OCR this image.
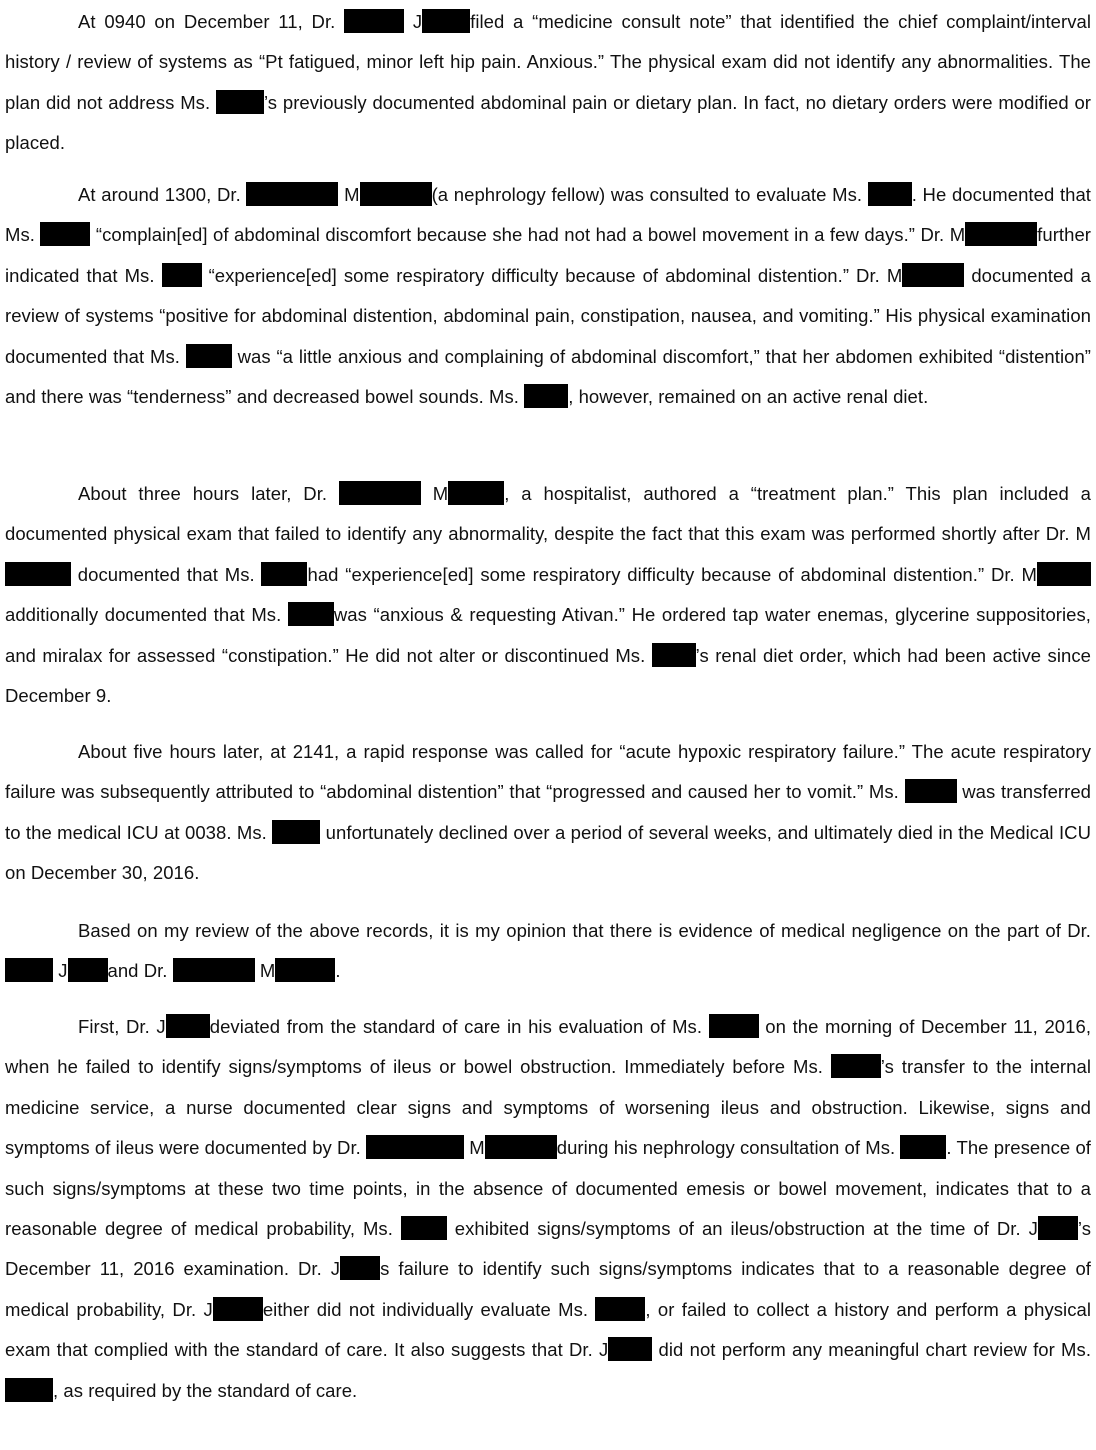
At 0940 on December 11, Dr.	J	filed a “medicine consult note” that identified the chief complaint/interval history / review of systems as “Pt fatigued, minor left hip pain. Anxious.” The physical exam did not identify any abnormalities. The plan did not address Ms.	’s previously documented abdominal pain or dietary plan. In fact, no dietary orders were modified or placed.

At around 1300, Dr.	M	(a nephrology fellow) was consulted to evaluate Ms. . He documented that Ms.	“complain[ed] of abdominal discomfort because she had not had a bowel movement in a few days.” Dr. M	further indicated that Ms.  “experience[ed] some respiratory difficulty because of abdominal distention.” Dr. M	documented a review of systems “positive for abdominal distention, abdominal pain, constipation, nausea, and vomiting.” His physical examination documented that Ms.  was “a little anxious and complaining of abdominal discomfort,” that her abdomen exhibited “distention” and there was “tenderness” and decreased bowel sounds. Ms. , however, remained on an active renal diet.

About three hours later, Dr.	M	, a hospitalist, authored a “treatment plan.” This plan included a documented physical exam that failed to identify any abnormality, despite the fact that this exam was performed shortly after Dr. M documented that Ms. had “experience[ed] some respiratory difficulty because of abdominal distention.” Dr. M additionally documented that Ms. was “anxious & requesting Ativan.” He ordered tap water enemas, glycerine suppositories, and miralax for assessed “constipation.” He did not alter or discontinued Ms. ’s renal diet order, which had been active since December 9.

About five hours later, at 2141, a rapid response was called for “acute hypoxic respiratory failure.” The acute respiratory failure was subsequently attributed to “abdominal distention” that “progressed and caused her to vomit.” Ms.	was transferred to the medical ICU at 0038. Ms.	unfortunately declined over a period of several weeks, and ultimately died in the Medical ICU on December 30, 2016.

Based on my review of the above records, it is my opinion that there is evidence of medical negligence on the part of Dr.  J and Dr.	M	.

First, Dr. J deviated from the standard of care in his evaluation of Ms.	on the morning of December 11, 2016, when he failed to identify signs/symptoms of ileus or bowel obstruction. Immediately before Ms.	’s transfer to the internal medicine service, a nurse documented clear signs and symptoms of worsening ileus and obstruction. Likewise, signs and symptoms of ileus were documented by Dr.	M	during his nephrology consultation of Ms. . The presence of such signs/symptoms at these two time points, in the absence of documented emesis or bowel movement, indicates that to a reasonable degree of medical probability, Ms.  exhibited signs/symptoms of an ileus/obstruction at the time of Dr. J ’s December 11, 2016 examination. Dr. J s failure to identify such signs/symptoms indicates that to a reasonable degree of medical probability, Dr. J	either did not individually evaluate Ms.	, or failed to collect a history and perform a physical exam that complied with the standard of care. It also suggests that Dr. J did not perform any meaningful chart review for Ms. , as required by the standard of care.
